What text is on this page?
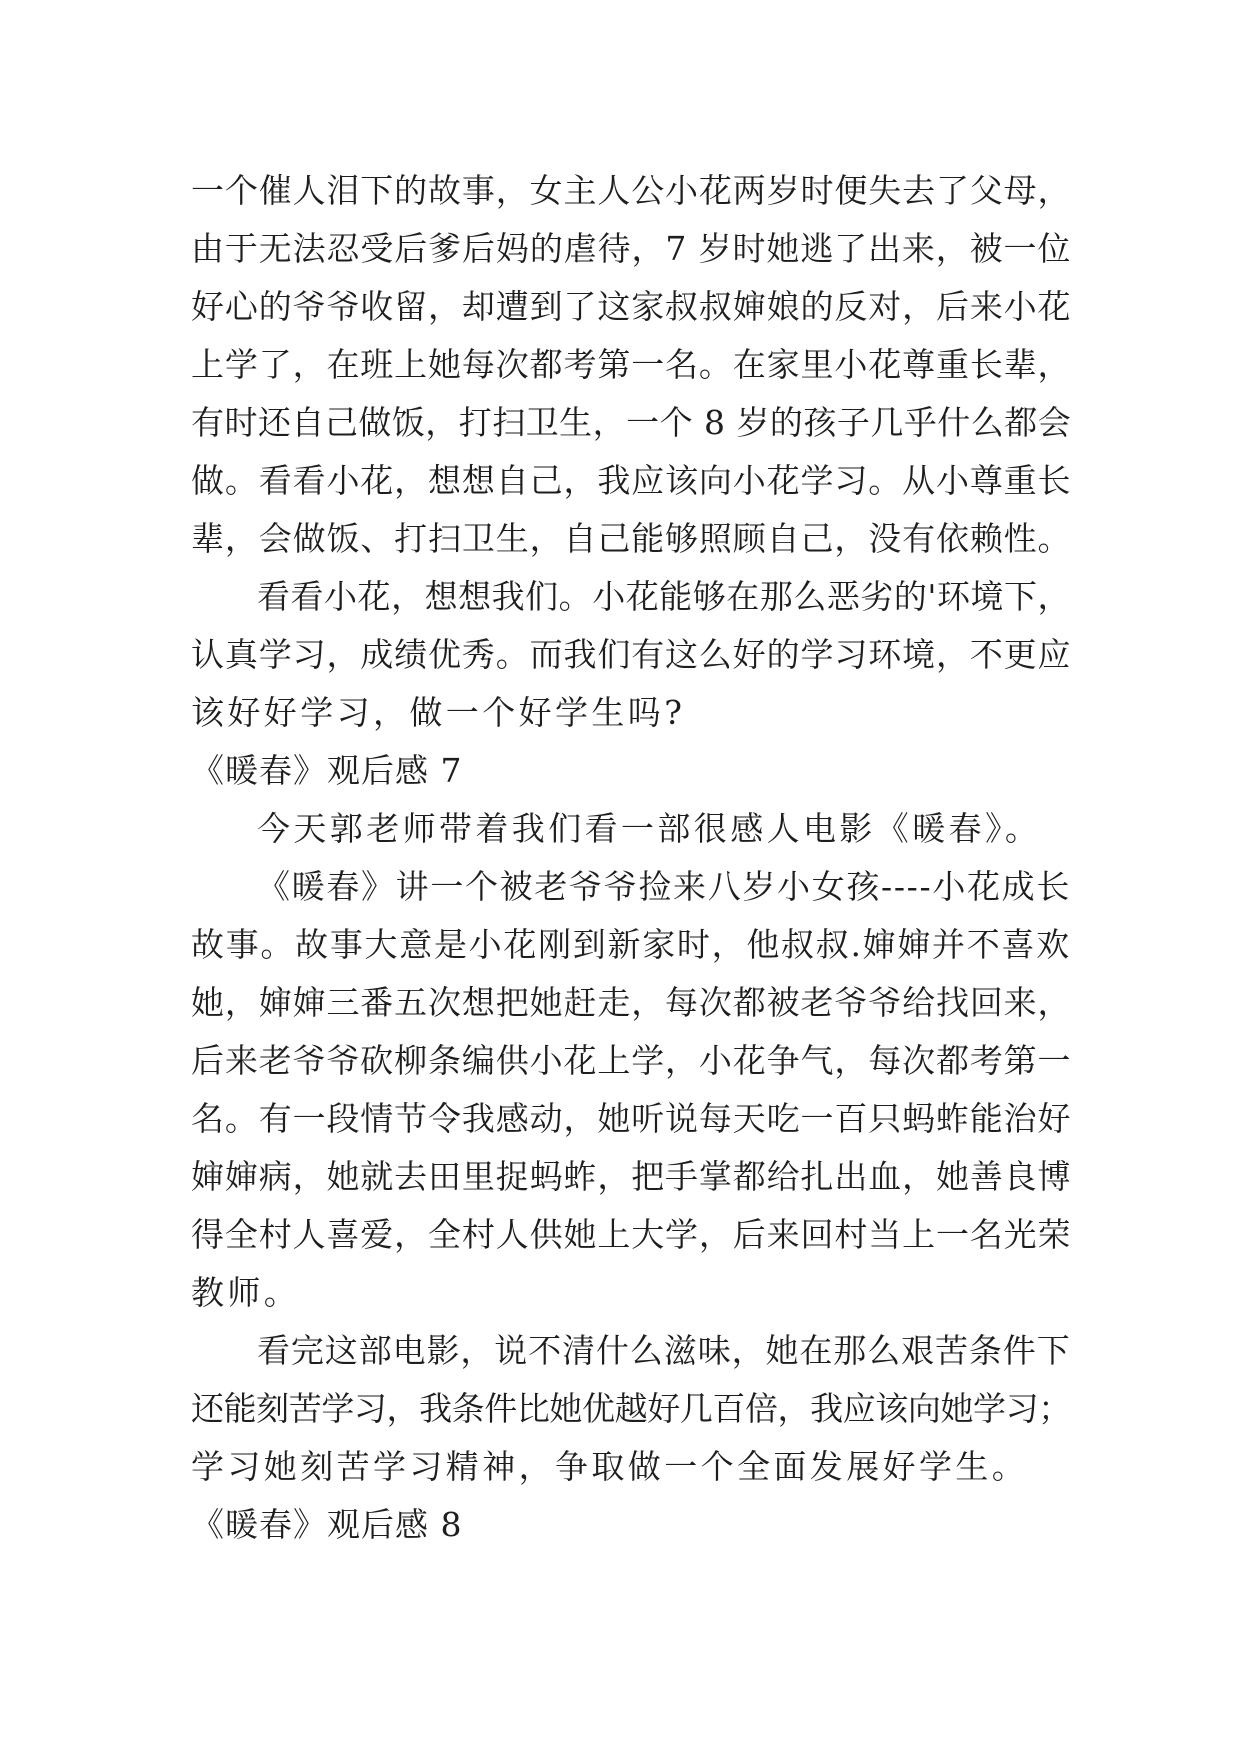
一个催人泪下的故事，女主人公小花两岁时便失去了父母，

由于无法忍受后爹后妈的虐待，7 岁时她逃了出来，被一位

好心的爷爷收留，却遭到了这家叔叔婶娘的反对，后来小花

上学了，在班上她每次都考第一名。在家里小花尊重长辈，

有时还自己做饭，打扫卫生，一个 8 岁的孩子几乎什么都会

做。看看小花，想想自己，我应该向小花学习。从小尊重长

辈，会做饭、打扫卫生，自己能够照顾自己，没有依赖性。

看看小花，想想我们。小花能够在那么恶劣的'环境下，

认真学习，成绩优秀。而我们有这么好的学习环境，不更应

该好好学习，做一个好学生吗?

《暖春》观后感 7

今天郭老师带着我们看一部很感人电影《暖春》。

《暖春》讲一个被老爷爷捡来八岁小女孩----小花成长

故事。故事大意是小花刚到新家时，他叔叔.婶婶并不喜欢

她，婶婶三番五次想把她赶走，每次都被老爷爷给找回来，

后来老爷爷砍柳条编供小花上学，小花争气，每次都考第一

名。有一段情节令我感动，她听说每天吃一百只蚂蚱能治好

婶婶病，她就去田里捉蚂蚱，把手掌都给扎出血，她善良博

得全村人喜爱，全村人供她上大学，后来回村当上一名光荣

教师。

看完这部电影，说不清什么滋味，她在那么艰苦条件下

还能刻苦学习，我条件比她优越好几百倍，我应该向她学习；

学习她刻苦学习精神，争取做一个全面发展好学生。

《暖春》观后感 8
